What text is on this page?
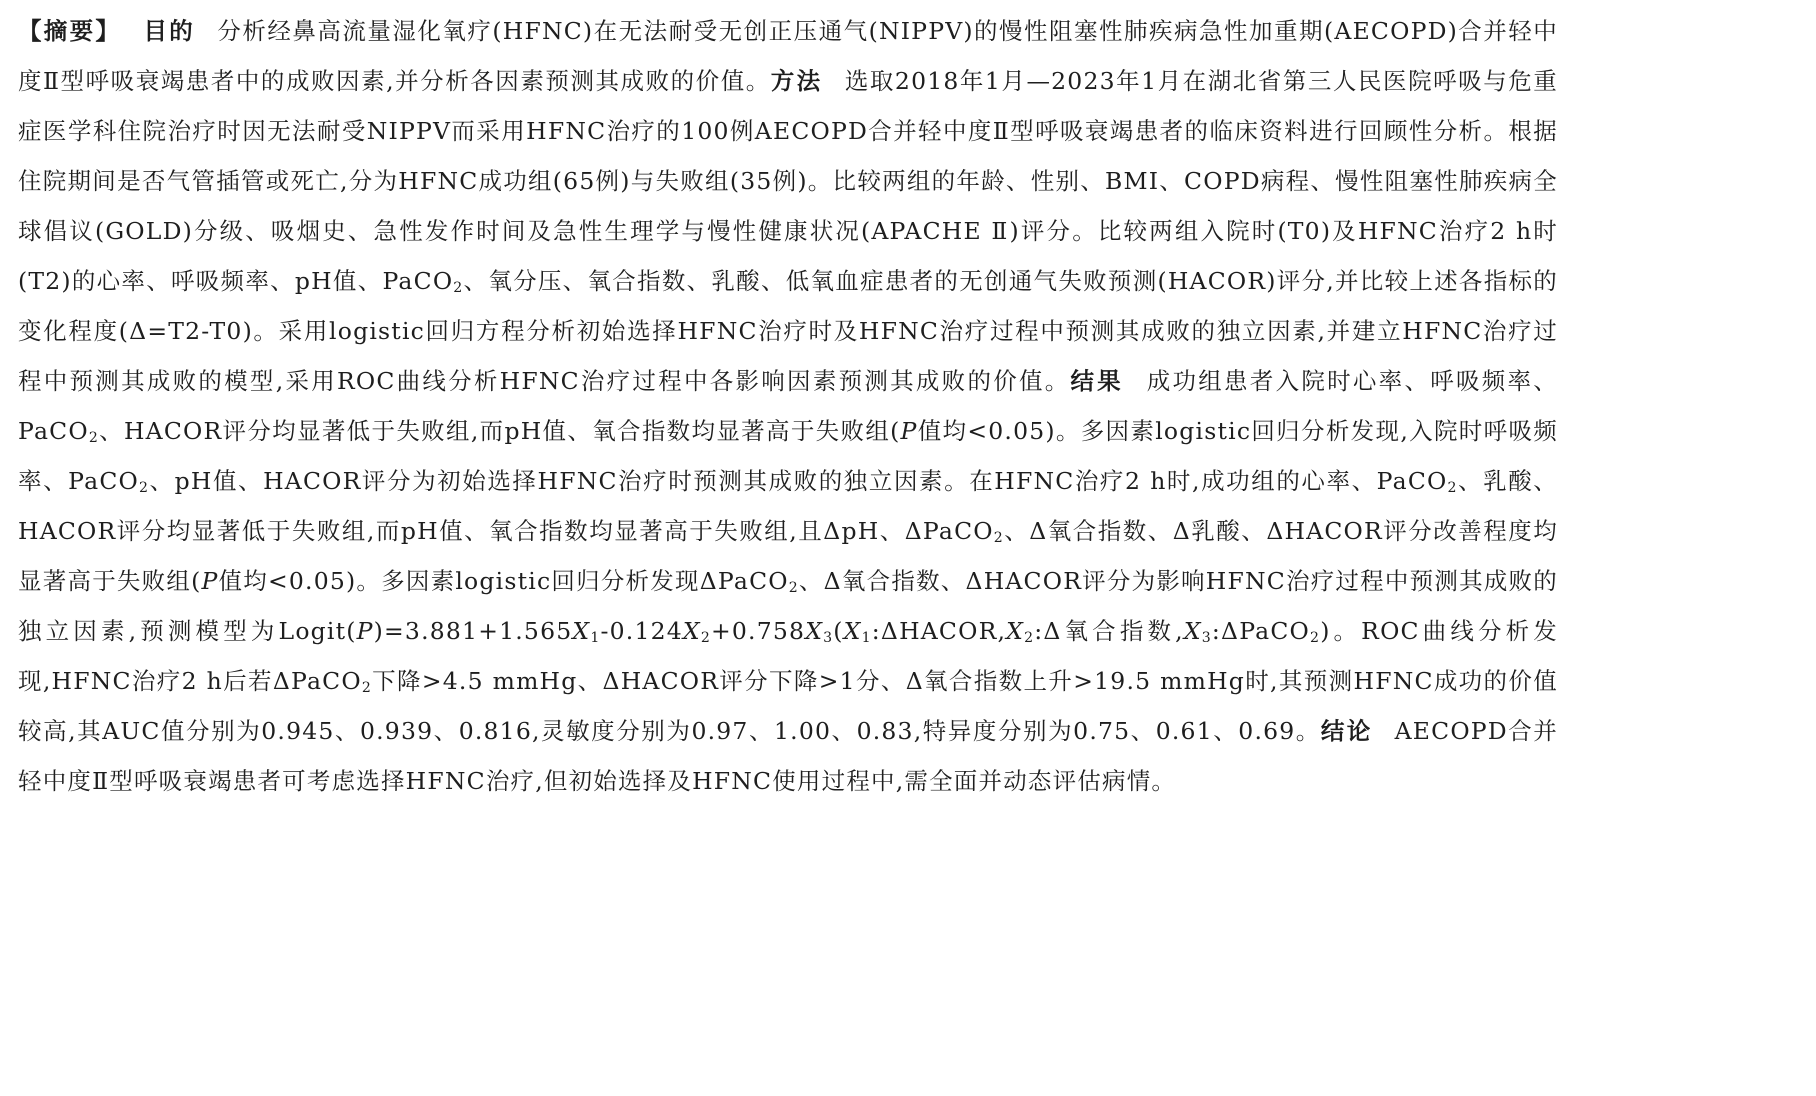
【摘要】 目的 分析经鼻高流量湿化氧疗(HFNC)在无法耐受无创正压通气(NIPPV)的慢性阻塞性肺疾病急性加重期(AECOPD)合并轻中度Ⅱ型呼吸衰竭患者中的成败因素,并分析各因素预测其成败的价值。方法 选取2018年1月—2023年1月在湖北省第三人民医院呼吸与危重症医学科住院治疗时因无法耐受NIPPV而采用HFNC治疗的100例AECOPD合并轻中度Ⅱ型呼吸衰竭患者的临床资料进行回顾性分析。根据住院期间是否气管插管或死亡,分为HFNC成功组(65例)与失败组(35例)。比较两组的年龄、性别、BMI、COPD病程、慢性阻塞性肺疾病全球倡议(GOLD)分级、吸烟史、急性发作时间及急性生理学与慢性健康状况(APACHE Ⅱ)评分。比较两组入院时(T0)及HFNC治疗2 h时(T2)的心率、呼吸频率、pH值、PaCO$_2$、氧分压、氧合指数、乳酸、低氧血症患者的无创通气失败预测(HACOR)评分,并比较上述各指标的变化程度(Δ=T2-T0)。采用logistic回归方程分析初始选择HFNC治疗时及HFNC治疗过程中预测其成败的独立因素,并建立HFNC治疗过程中预测其成败的模型,采用ROC曲线分析HFNC治疗过程中各影响因素预测其成败的价值。结果 成功组患者入院时心率、呼吸频率、PaCO$_2$、HACOR评分均显著低于失败组,而pH值、氧合指数均显著高于失败组(P值均<0.05)。多因素logistic回归分析发现,入院时呼吸频率、PaCO$_2$、pH值、HACOR评分为初始选择HFNC治疗时预测其成败的独立因素。在HFNC治疗2 h时,成功组的心率、PaCO$_2$、乳酸、HACOR评分均显著低于失败组,而pH值、氧合指数均显著高于失败组,且ΔpH、ΔPaCO$_2$、Δ氧合指数、Δ乳酸、ΔHACOR评分改善程度均显著高于失败组(P值均<0.05)。多因素logistic回归分析发现ΔPaCO$_2$、Δ氧合指数、ΔHACOR评分为影响HFNC治疗过程中预测其成败的独立因素,预测模型为$Logit(P)=3.881+1.565X_1-0.124X_2+0.758X_3(X_1:\Delta HACOR,X_2:\Delta$氧合指数$,X_3:\Delta PaCO_2$)。ROC曲线分析发现,HFNC治疗2 h后若ΔPaCO$_2$下降>4.5 mmHg、ΔHACOR评分下降>1分、Δ氧合指数上升>19.5 mmHg时,其预测HFNC成功的价值较高,其AUC值分别为0.945、0.939、0.816,灵敏度分别为0.97、1.00、0.83,特异度分别为0.75、0.61、0.69。结论 AECOPD合并轻中度Ⅱ型呼吸衰竭患者可考虑选择HFNC治疗,但初始选择及HFNC使用过程中,需全面并动态评估病情。
